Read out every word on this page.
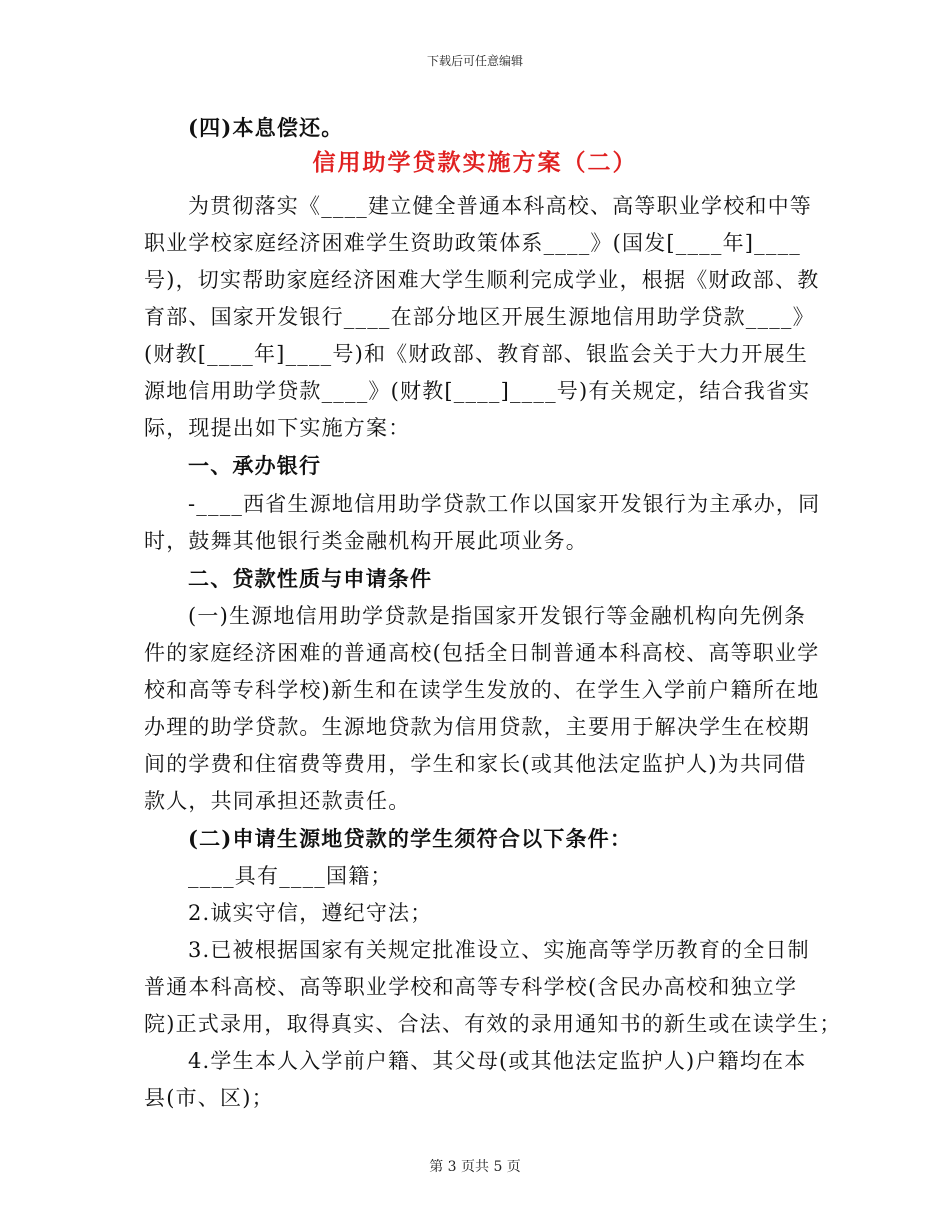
下载后可任意编辑
(四)本息偿还。
信用助学贷款实施方案（二）
为贯彻落实《____建立健全普通本科高校、高等职业学校和中等
职业学校家庭经济困难学生资助政策体系____》(国发[____年]____
号)，切实帮助家庭经济困难大学生顺利完成学业，根据《财政部、教
育部、国家开发银行____在部分地区开展生源地信用助学贷款____》
(财教[____年]____号)和《财政部、教育部、银监会关于大力开展生
源地信用助学贷款____》(财教[____]____号)有关规定，结合我省实
际，现提出如下实施方案：
一、承办银行
-____西省生源地信用助学贷款工作以国家开发银行为主承办，同
时，鼓舞其他银行类金融机构开展此项业务。
二、贷款性质与申请条件
(一)生源地信用助学贷款是指国家开发银行等金融机构向先例条
件的家庭经济困难的普通高校(包括全日制普通本科高校、高等职业学
校和高等专科学校)新生和在读学生发放的、在学生入学前户籍所在地
办理的助学贷款。生源地贷款为信用贷款，主要用于解决学生在校期
间的学费和住宿费等费用，学生和家长(或其他法定监护人)为共同借
款人，共同承担还款责任。
(二)申请生源地贷款的学生须符合以下条件：
____具有____国籍；
2.诚实守信，遵纪守法；
3.已被根据国家有关规定批准设立、实施高等学历教育的全日制
普通本科高校、高等职业学校和高等专科学校(含民办高校和独立学
院)正式录用，取得真实、合法、有效的录用通知书的新生或在读学生；
4.学生本人入学前户籍、其父母(或其他法定监护人)户籍均在本
县(市、区)；
第 3 页共 5 页
